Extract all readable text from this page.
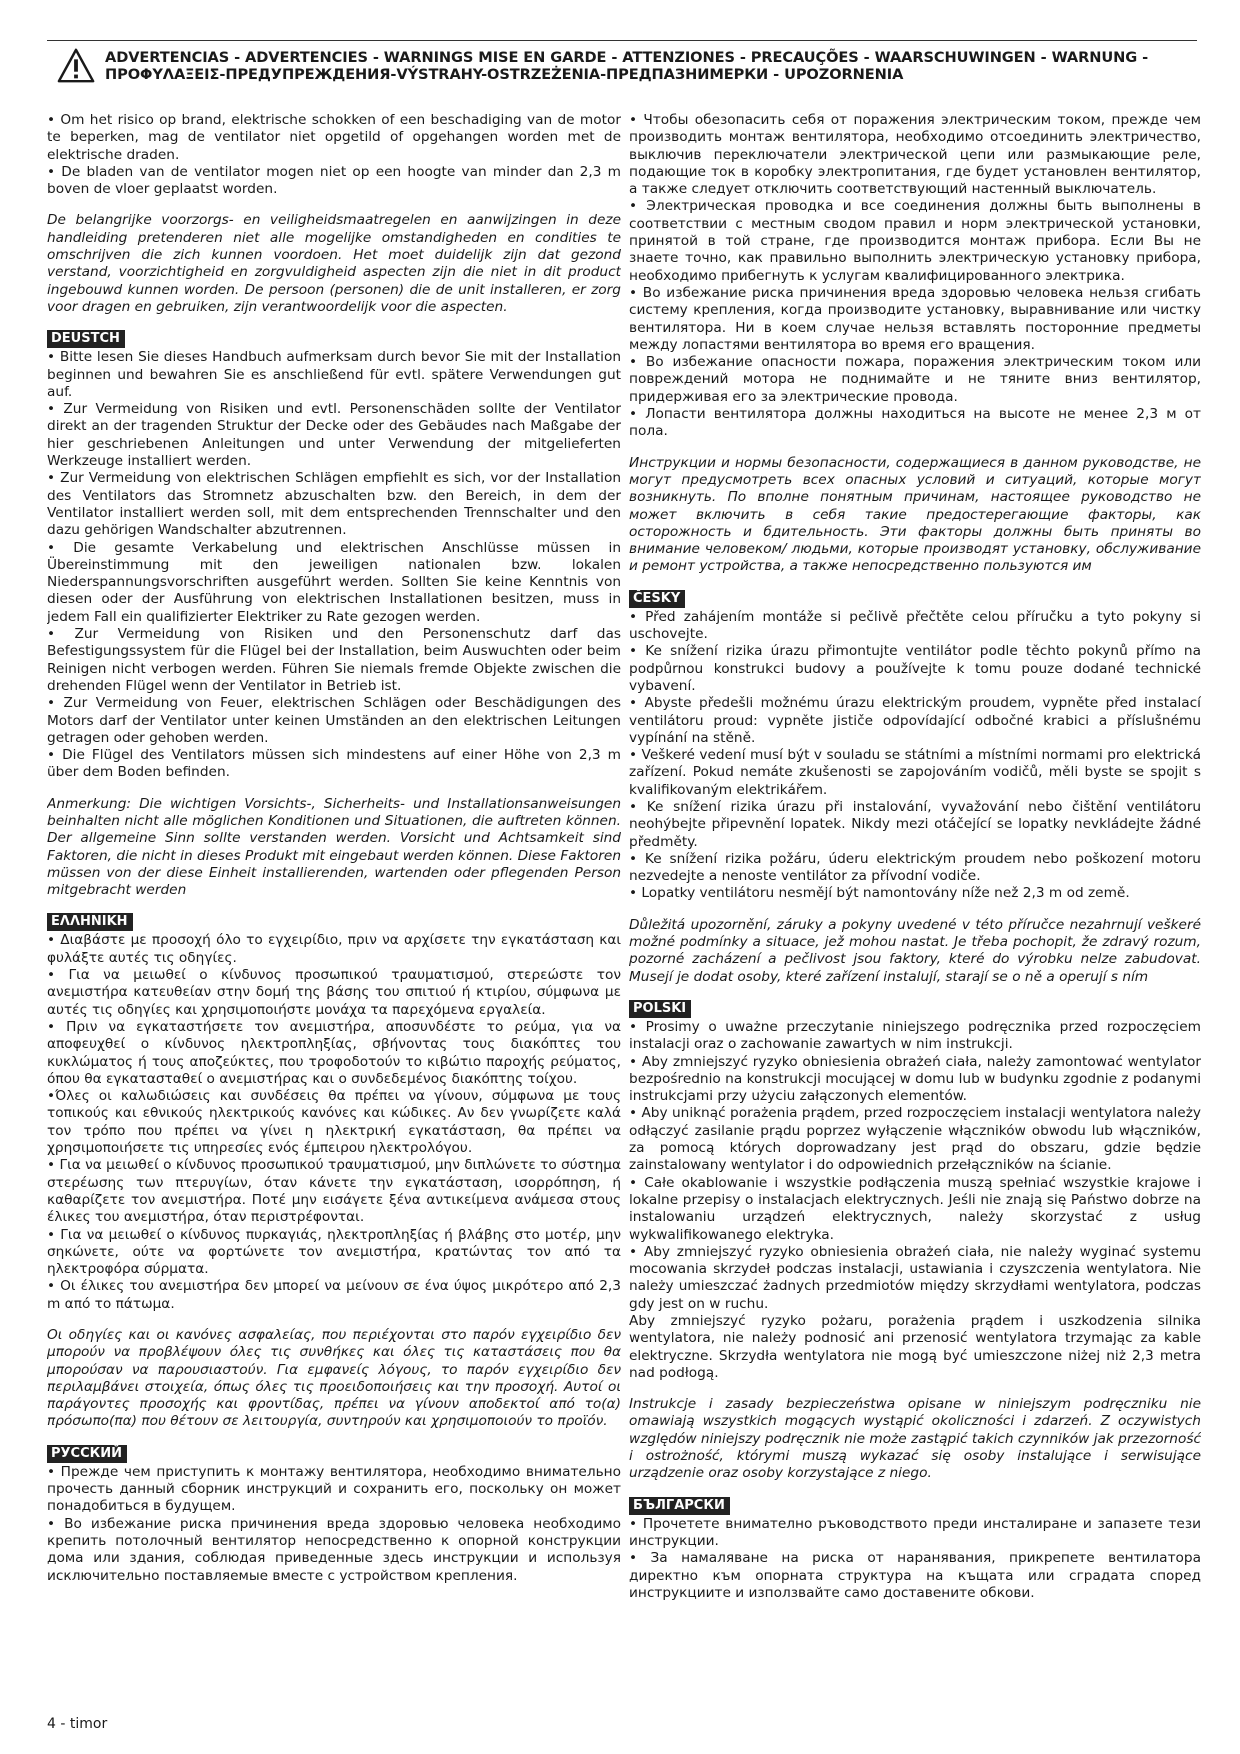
ADVERTENCIAS - ADVERTENCIES - WARNINGS MISE EN GARDE - ATTENZIONES - PRECAUÇÕES - WAARSCHUWINGEN - WARNUNG - ΠΡΟΦΥΛΑΞΕΙΣ-ПРЕДУПРЕЖДЕНИЯ-VÝSTRAHY-OSTRZEŻENIA-ПРЕДПАЗНИМЕРКИ - UPOZORNENIA

• Om het risico op brand, elektrische schokken of een beschadiging van de motor te beperken, mag de ventilator niet opgetild of opgehangen worden met de elektrische draden.

• De bladen van de ventilator mogen niet op een hoogte van minder dan 2,3 m boven de vloer geplaatst worden.

De belangrijke voorzorgs- en veiligheidsmaatregelen en aanwijzingen in deze handleiding pretenderen niet alle mogelijke omstandigheden en condities te omschrijven die zich kunnen voordoen. Het moet duidelijk zijn dat gezond verstand, voorzichtigheid en zorgvuldigheid aspecten zijn die niet in dit product ingebouwd kunnen worden. De persoon (personen) die de unit installeren, er zorg voor dragen en gebruiken, zijn verantwoordelijk voor die aspecten.

DEUSTCH

• Bitte lesen Sie dieses Handbuch aufmerksam durch bevor Sie mit der Installation beginnen und bewahren Sie es anschließend für evtl. spätere Verwendungen gut auf.

• Zur Vermeidung von Risiken und evtl. Personenschäden sollte der Ventilator direkt an der tragenden Struktur der Decke oder des Gebäudes nach Maßgabe der hier geschriebenen Anleitungen und unter Verwendung der mitgelieferten Werkzeuge installiert werden.

• Zur Vermeidung von elektrischen Schlägen empfiehlt es sich, vor der Installation des Ventilators das Stromnetz abzuschalten bzw. den Bereich, in dem der Ventilator installiert werden soll, mit dem entsprechenden Trennschalter und den dazu gehörigen Wandschalter abzutrennen.

• Die gesamte Verkabelung und elektrischen Anschlüsse müssen in Übereinstimmung mit den jeweiligen nationalen bzw. lokalen Niederspannungsvorschriften ausgeführt werden. Sollten Sie keine Kenntnis von diesen oder der Ausführung von elektrischen Installationen besitzen, muss in jedem Fall ein qualifizierter Elektriker zu Rate gezogen werden.

• Zur Vermeidung von Risiken und den Personenschutz darf das Befestigungssystem für die Flügel bei der Installation, beim Auswuchten oder beim Reinigen nicht verbogen werden. Führen Sie niemals fremde Objekte zwischen die drehenden Flügel wenn der Ventilator in Betrieb ist.

• Zur Vermeidung von Feuer, elektrischen Schlägen oder Beschädigungen des Motors darf der Ventilator unter keinen Umständen an den elektrischen Leitungen getragen oder gehoben werden.

• Die Flügel des Ventilators müssen sich mindestens auf einer Höhe von 2,3 m über dem Boden befinden.

Anmerkung: Die wichtigen Vorsichts-, Sicherheits- und Installationsanweisungen beinhalten nicht alle möglichen Konditionen und Situationen, die auftreten können. Der allgemeine Sinn sollte verstanden werden. Vorsicht und Achtsamkeit sind Faktoren, die nicht in dieses Produkt mit eingebaut werden können. Diese Faktoren müssen von der diese Einheit installierenden, wartenden oder pflegenden Person mitgebracht werden

ΕΛΛΗΝΙΚΗ

• Διαβάστε με προσοχή όλο το εγχειρίδιο, πριν να αρχίσετε την εγκατάσταση και φυλάξτε αυτές τις οδηγίες.

• Για να μειωθεί ο κίνδυνος προσωπικού τραυματισμού, στερεώστε τον ανεμιστήρα κατευθείαν στην δομή της βάσης του σπιτιού ή κτιρίου, σύμφωνα με αυτές τις οδηγίες και χρησιμοποιήστε μονάχα τα παρεχόμενα εργαλεία.

• Πριν να εγκαταστήσετε τον ανεμιστήρα, αποσυνδέστε το ρεύμα, για να αποφευχθεί ο κίνδυνος ηλεκτροπληξίας, σβήνοντας τους διακόπτες του κυκλώματος ή τους αποζεύκτες, που τροφοδοτούν το κιβώτιο παροχής ρεύματος, όπου θα εγκατασταθεί ο ανεμιστήρας και ο συνδεδεμένος διακόπτης τοίχου.

•Όλες οι καλωδιώσεις και συνδέσεις θα πρέπει να γίνουν, σύμφωνα με τους τοπικούς και εθνικούς ηλεκτρικούς κανόνες και κώδικες. Αν δεν γνωρίζετε καλά τον τρόπο που πρέπει να γίνει η ηλεκτρική εγκατάσταση, θα πρέπει να χρησιμοποιήσετε τις υπηρεσίες ενός έμπειρου ηλεκτρολόγου.

• Για να μειωθεί ο κίνδυνος προσωπικού τραυματισμού, μην διπλώνετε το σύστημα στερέωσης των πτερυγίων, όταν κάνετε την εγκατάσταση, ισορρόπηση, ή καθαρίζετε τον ανεμιστήρα. Ποτέ μην εισάγετε ξένα αντικείμενα ανάμεσα στους έλικες του ανεμιστήρα, όταν περιστρέφονται.

• Για να μειωθεί ο κίνδυνος πυρκαγιάς, ηλεκτροπληξίας ή βλάβης στο μοτέρ, μην σηκώνετε, ούτε να φορτώνετε τον ανεμιστήρα, κρατώντας τον από τα ηλεκτροφόρα σύρματα.

• Οι έλικες του ανεμιστήρα δεν μπορεί να μείνουν σε ένα ύψος μικρότερο από 2,3 m από το πάτωμα.

Οι οδηγίες και οι κανόνες ασφαλείας, που περιέχονται στο παρόν εγχειρίδιο δεν μπορούν να προβλέψουν όλες τις συνθήκες και όλες τις καταστάσεις που θα μπορούσαν να παρουσιαστούν. Για εμφανείς λόγους, το παρόν εγχειρίδιο δεν περιλαμβάνει στοιχεία, όπως όλες τις προειδοποιήσεις και την προσοχή. Αυτοί οι παράγοντες προσοχής και φροντίδας, πρέπει να γίνουν αποδεκτοί από το(α) πρόσωπο(πα) που θέτουν σε λειτουργία, συντηρούν και χρησιμοποιούν το προϊόν.

РУССКИЙ

• Прежде чем приступить к монтажу вентилятора, необходимо внимательно прочесть данный сборник инструкций и сохранить его, поскольку он может понадобиться в будущем.

• Во избежание риска причинения вреда здоровью человека необходимо крепить потолочный вентилятор непосредственно к опорной конструкции дома или здания, соблюдая приведенные здесь инструкции и используя исключительно поставляемые вместе с устройством крепления.

• Чтобы обезопасить себя от поражения электрическим током, прежде чем производить монтаж вентилятора, необходимо отсоединить электричество, выключив переключатели электрической цепи или размыкающие реле, подающие ток в коробку электропитания, где будет установлен вентилятор, а также следует отключить соответствующий настенный выключатель.

• Электрическая проводка и все соединения должны быть выполнены в соответствии с местным сводом правил и норм электрической установки, принятой в той стране, где производится монтаж прибора. Если Вы не знаете точно, как правильно выполнить электрическую установку прибора, необходимо прибегнуть к услугам квалифицированного электрика.

• Во избежание риска причинения вреда здоровью человека нельзя сгибать систему крепления, когда производите установку, выравнивание или чистку вентилятора. Ни в коем случае нельзя вставлять посторонние предметы между лопастями вентилятора во время его вращения.

• Во избежание опасности пожара, поражения электрическим током или повреждений мотора не поднимайте и не тяните вниз вентилятор, придерживая его за электрические провода.

• Лопасти вентилятора должны находиться на высоте не менее 2,3 м от пола.

Инструкции и нормы безопасности, содержащиеся в данном руководстве, не могут предусмотреть всех опасных условий и ситуаций, которые могут возникнуть. По вполне понятным причинам, настоящее руководство не может включить в себя такие предостерегающие факторы, как осторожность и бдительность. Эти факторы должны быть приняты во внимание человеком/ людьми, которые производят установку, обслуживание и ремонт устройства, а также непосредственно пользуются им

ČESKY

• Před zahájením montáže si pečlivě přečtěte celou příručku a tyto pokyny si uschovejte.

• Ke snížení rizika úrazu přimontujte ventilátor podle těchto pokynů přímo na podpůrnou konstrukci budovy a používejte k tomu pouze dodané technické vybavení.

• Abyste předešli možnému úrazu elektrickým proudem, vypněte před instalací ventilátoru proud: vypněte jističe odpovídající odbočné krabici a příslušnému vypínání na stěně.

• Veškeré vedení musí být v souladu se státními a místními normami pro elektrická zařízení. Pokud nemáte zkušenosti se zapojováním vodičů, měli byste se spojit s kvalifikovaným elektrikářem.

• Ke snížení rizika úrazu při instalování, vyvažování nebo čištění ventilátoru neohýbejte připevnění lopatek. Nikdy mezi otáčející se lopatky nevkládejte žádné předměty.

• Ke snížení rizika požáru, úderu elektrickým proudem nebo poškození motoru nezvedejte a nenoste ventilátor za přívodní vodiče.

• Lopatky ventilátoru nesmějí být namontovány níže než 2,3 m od země.

Důležitá upozornění, záruky a pokyny uvedené v této příručce nezahrnují veškeré možné podmínky a situace, jež mohou nastat. Je třeba pochopit, že zdravý rozum, pozorné zacházení a pečlivost jsou faktory, které do výrobku nelze zabudovat. Musejí je dodat osoby, které zařízení instalují, starají se o ně a operují s ním

POLSKI

• Prosimy o uważne przeczytanie niniejszego podręcznika przed rozpoczęciem instalacji oraz o zachowanie zawartych w nim instrukcji.

• Aby zmniejszyć ryzyko obniesienia obrażeń ciała, należy zamontować wentylator bezpośrednio na konstrukcji mocującej w domu lub w budynku zgodnie z podanymi instrukcjami przy użyciu załączonych elementów.

• Aby uniknąć porażenia prądem, przed rozpoczęciem instalacji wentylatora należy odłączyć zasilanie prądu poprzez wyłączenie włączników obwodu lub włączników, za pomocą których doprowadzany jest prąd do obszaru, gdzie będzie zainstalowany wentylator i do odpowiednich przełączników na ścianie.

• Całe okablowanie i wszystkie podłączenia muszą spełniać wszystkie krajowe i lokalne przepisy o instalacjach elektrycznych. Jeśli nie znają się Państwo dobrze na instalowaniu urządzeń elektrycznych, należy skorzystać z usług wykwalifikowanego elektryka.

• Aby zmniejszyć ryzyko obniesienia obrażeń ciała, nie należy wyginać systemu mocowania skrzydeł podczas instalacji, ustawiania i czyszczenia wentylatora. Nie należy umieszczać żadnych przedmiotów między skrzydłami wentylatora, podczas gdy jest on w ruchu.

Aby zmniejszyć ryzyko pożaru, porażenia prądem i uszkodzenia silnika wentylatora, nie należy podnosić ani przenosić wentylatora trzymając za kable elektryczne. Skrzydła wentylatora nie mogą być umieszczone niżej niż 2,3 metra nad podłogą.

Instrukcje i zasady bezpieczeństwa opisane w niniejszym podręczniku nie omawiają wszystkich mogących wystąpić okoliczności i zdarzeń. Z oczywistych względów niniejszy podręcznik nie może zastąpić takich czynników jak przezorność i ostrożność, którymi muszą wykazać się osoby instalujące i serwisujące urządzenie oraz osoby korzystające z niego.

БЪЛГАРСКИ

• Прочетете внимателно ръководството преди инсталиране и запазете тези инструкции.

• За намаляване на риска от наранявания, прикрепете вентилатора директно към опорната структура на къщата или сградата според инструкциите и използвайте само доставените обкови.

4 - timor
